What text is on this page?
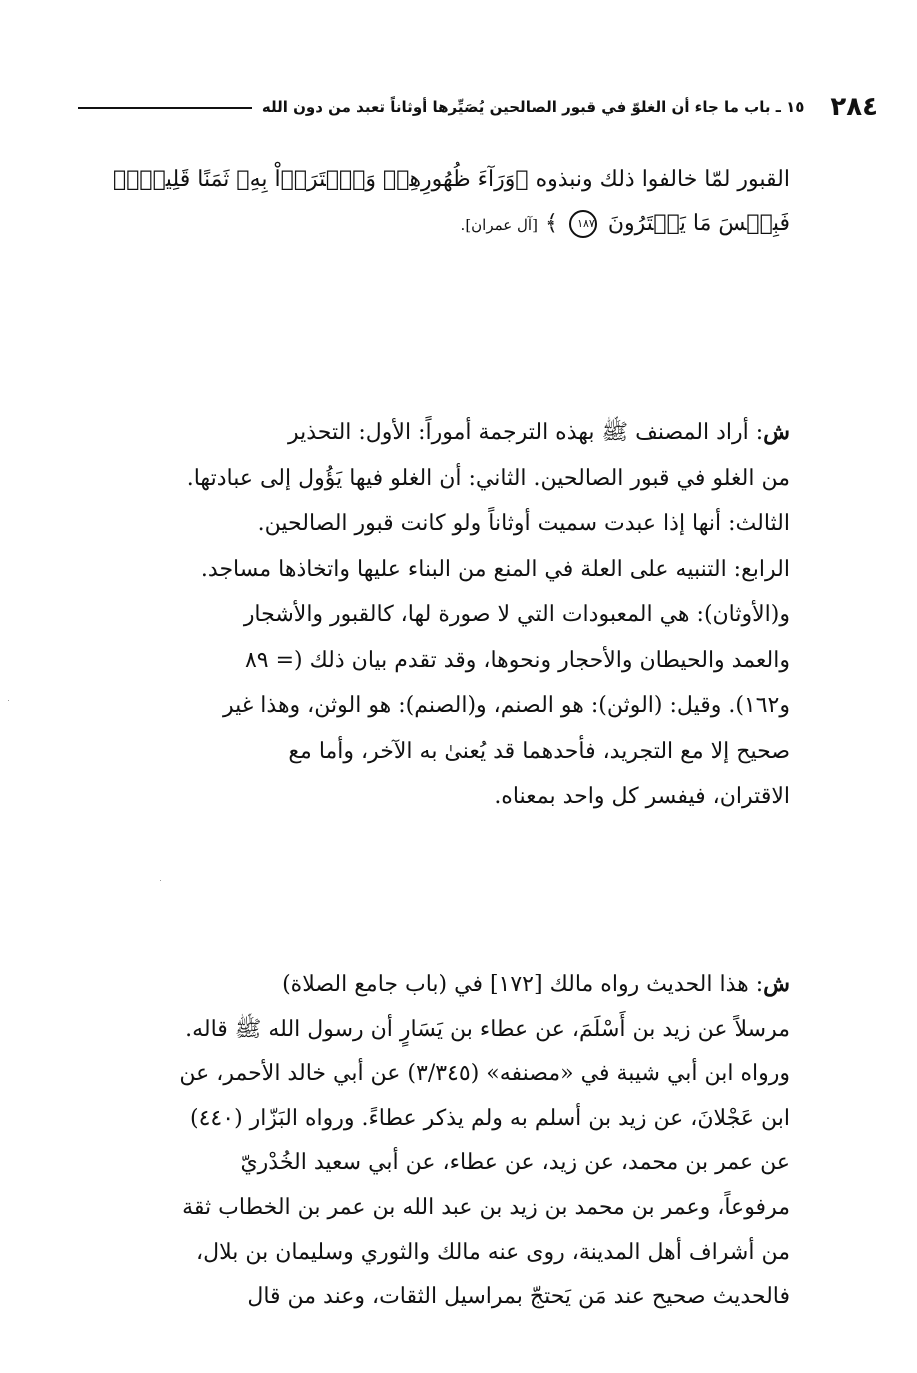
٢٨٤
١٥ ـ باب ما جاء أن الغلوّ في قبور الصالحين يُصَيِّرها أوثاناً تعبد من دون الله
القبور لمّا خالفوا ذلك ونبذوه ﴿وَرَآءَ ظُهُورِهِمۡ وَٱشۡتَرَوۡاْ بِهِۦ ثَمَنًا قَلِيلٗاۖ
فَبِئۡسَ مَا يَشۡتَرُونَ ١٨٧ ﴾ [آل عمران].
ش: أراد المصنف ﷺ بهذه الترجمة أموراً: الأول: التحذير
من الغلو في قبور الصالحين. الثاني: أن الغلو فيها يَؤُول إلى عبادتها.
الثالث: أنها إذا عبدت سميت أوثاناً ولو كانت قبور الصالحين.
الرابع: التنبيه على العلة في المنع من البناء عليها واتخاذها مساجد.
و(الأوثان): هي المعبودات التي لا صورة لها، كالقبور والأشجار
والعمد والحيطان والأحجار ونحوها، وقد تقدم بيان ذلك (= ٨٩
و١٦٢). وقيل: (الوثن): هو الصنم، و(الصنم): هو الوثن، وهذا غير
صحيح إلا مع التجريد، فأحدهما قد يُعنىٰ به الآخر، وأما مع
الاقتران، فيفسر كل واحد بمعناه.
ش: هذا الحديث رواه مالك [١٧٢] في (باب جامع الصلاة)
مرسلاً عن زيد بن أَسْلَمَ، عن عطاء بن يَسَارٍ أن رسول الله ﷺ قاله.
ورواه ابن أبي شيبة في «مصنفه» (٣/٣٤٥) عن أبي خالد الأحمر، عن
ابن عَجْلانَ، عن زيد بن أسلم به ولم يذكر عطاءً. ورواه البَزّار (٤٤٠)
عن عمر بن محمد، عن زيد، عن عطاء، عن أبي سعيد الخُدْريّ
مرفوعاً، وعمر بن محمد بن زيد بن عبد الله بن عمر بن الخطاب ثقة
من أشراف أهل المدينة، روى عنه مالك والثوري وسليمان بن بلال،
فالحديث صحيح عند مَن يَحتجّ بمراسيل الثقات، وعند من قال
